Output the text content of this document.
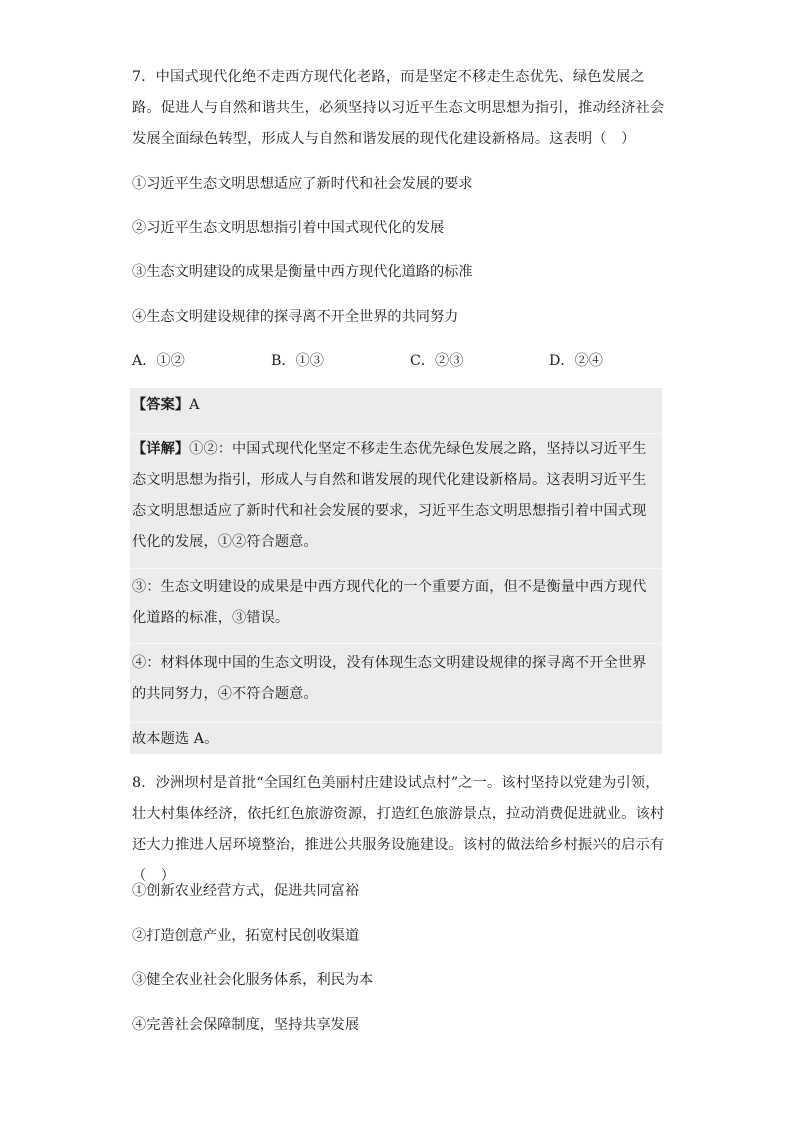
7．中国式现代化绝不走西方现代化老路，而是坚定不移走生态优先、绿色发展之路。促进人与自然和谐共生，必须坚持以习近平生态文明思想为指引，推动经济社会发展全面绿色转型，形成人与自然和谐发展的现代化建设新格局。这表明（　）
①习近平生态文明思想适应了新时代和社会发展的要求
②习近平生态文明思想指引着中国式现代化的发展
③生态文明建设的成果是衡量中西方现代化道路的标准
④生态文明建设规律的探寻离不开全世界的共同努力
A．①②	B．①③	C．②③	D．②④
【答案】A
【详解】①②：中国式现代化坚定不移走生态优先绿色发展之路，坚持以习近平生态文明思想为指引，形成人与自然和谐发展的现代化建设新格局。这表明习近平生态文明思想适应了新时代和社会发展的要求，习近平生态文明思想指引着中国式现代化的发展，①②符合题意。
③：生态文明建设的成果是中西方现代化的一个重要方面，但不是衡量中西方现代化道路的标准，③错误。
④：材料体现中国的生态文明设，没有体现生态文明建设规律的探寻离不开全世界的共同努力，④不符合题意。
故本题选 A。
8．沙洲坝村是首批“全国红色美丽村庄建设试点村”之一。该村坚持以党建为引领，壮大村集体经济，依托红色旅游资源，打造红色旅游景点，拉动消费促进就业。该村还大力推进人居环境整治，推进公共服务设施建设。该村的做法给乡村振兴的启示有（　）
①创新农业经营方式，促进共同富裕
②打造创意产业，拓宽村民创收渠道
③健全农业社会化服务体系，利民为本
④完善社会保障制度，坚持共享发展
